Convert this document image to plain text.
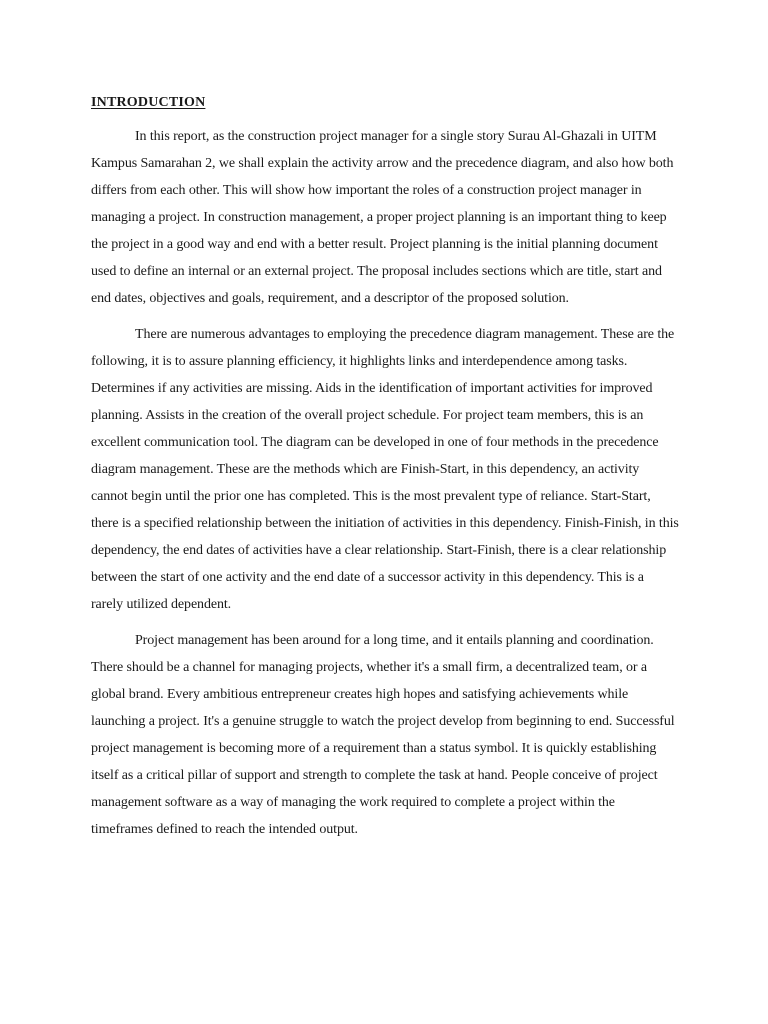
INTRODUCTION

In this report, as the construction project manager for a single story Surau Al-Ghazali in UITM Kampus Samarahan 2, we shall explain the activity arrow and the precedence diagram, and also how both differs from each other. This will show how important the roles of a construction project manager in managing a project. In construction management, a proper project planning is an important thing to keep the project in a good way and end with a better result. Project planning is the initial planning document used to define an internal or an external project. The proposal includes sections which are title, start and end dates, objectives and goals, requirement, and a descriptor of the proposed solution.

There are numerous advantages to employing the precedence diagram management. These are the following, it is to assure planning efficiency, it highlights links and interdependence among tasks. Determines if any activities are missing. Aids in the identification of important activities for improved planning. Assists in the creation of the overall project schedule. For project team members, this is an excellent communication tool. The diagram can be developed in one of four methods in the precedence diagram management. These are the methods which are Finish-Start, in this dependency, an activity cannot begin until the prior one has completed. This is the most prevalent type of reliance. Start-Start, there is a specified relationship between the initiation of activities in this dependency. Finish-Finish, in this dependency, the end dates of activities have a clear relationship. Start-Finish, there is a clear relationship between the start of one activity and the end date of a successor activity in this dependency. This is a rarely utilized dependent.

Project management has been around for a long time, and it entails planning and coordination. There should be a channel for managing projects, whether it's a small firm, a decentralized team, or a global brand. Every ambitious entrepreneur creates high hopes and satisfying achievements while launching a project. It's a genuine struggle to watch the project develop from beginning to end. Successful project management is becoming more of a requirement than a status symbol. It is quickly establishing itself as a critical pillar of support and strength to complete the task at hand. People conceive of project management software as a way of managing the work required to complete a project within the timeframes defined to reach the intended output.
